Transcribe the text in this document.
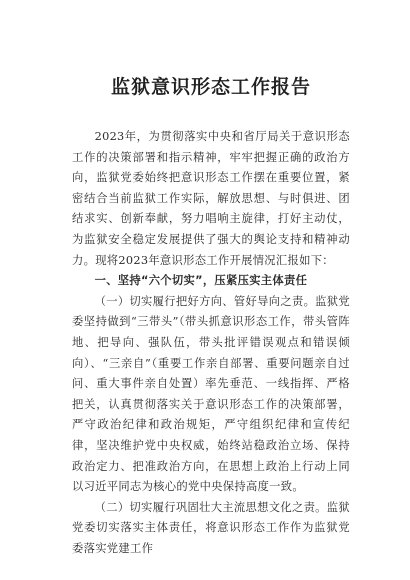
监狱意识形态工作报告

2023年，为贯彻落实中央和省厅局关于意识形态工作的决策部署和指示精神，牢牢把握正确的政治方向，监狱党委始终把意识形态工作摆在重要位置，紧密结合当前监狱工作实际，解放思想、与时俱进、团结求实、创新奉献，努力唱响主旋律，打好主动仗，为监狱安全稳定发展提供了强大的舆论支持和精神动力。现将2023年意识形态工作开展情况汇报如下：

一、坚持“六个切实”，压紧压实主体责任

（一）切实履行把好方向、管好导向之责。监狱党委坚持做到“三带头”（带头抓意识形态工作，带头管阵地、把导向、强队伍，带头批评错误观点和错误倾向）、“三亲自”（重要工作亲自部署、重要问题亲自过问、重大事件亲自处置）率先垂范、一线指挥、严格把关，认真贯彻落实关于意识形态工作的决策部署，严守政治纪律和政治规矩，严守组织纪律和宣传纪律，坚决维护党中央权威，始终站稳政治立场、保持政治定力、把准政治方向，在思想上政治上行动上同以习近平同志为核心的党中央保持高度一致。

（二）切实履行巩固壮大主流思想文化之责。监狱党委切实落实主体责任，将意识形态工作作为监狱党委落实党建工作
